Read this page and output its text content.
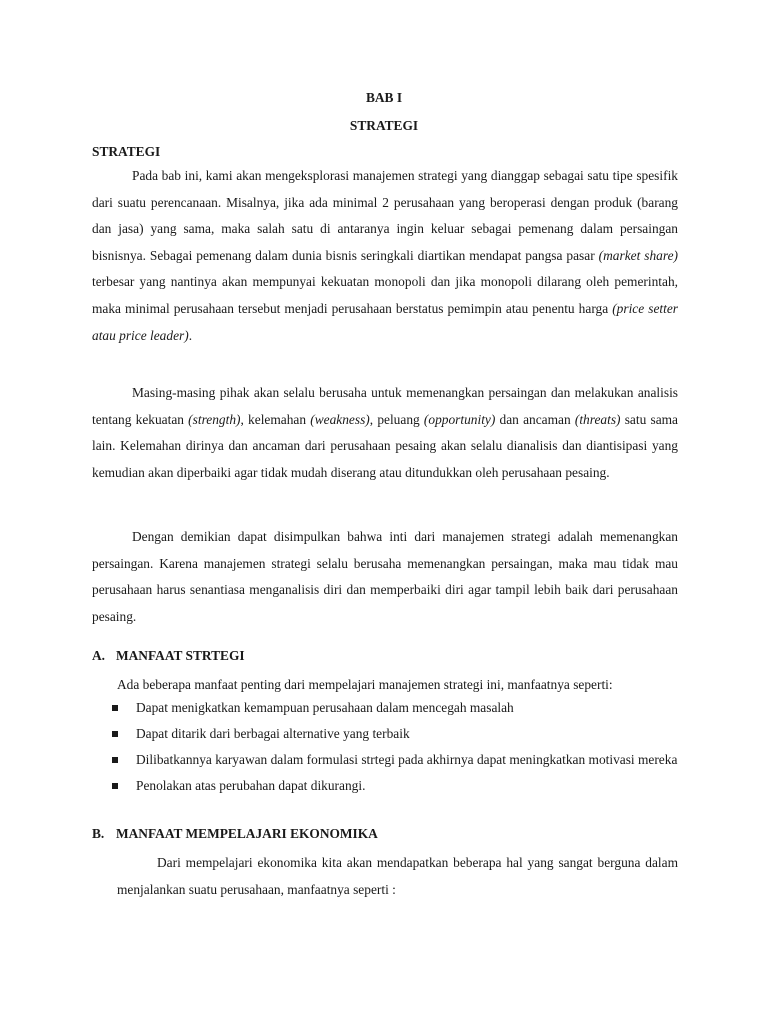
BAB I
STRATEGI
STRATEGI

Pada bab ini, kami akan mengeksplorasi manajemen strategi yang dianggap sebagai satu tipe spesifik dari suatu perencanaan. Misalnya, jika ada minimal 2 perusahaan yang beroperasi dengan produk (barang dan jasa) yang sama, maka salah satu di antaranya ingin keluar sebagai pemenang dalam persaingan bisnisnya. Sebagai pemenang dalam dunia bisnis seringkali diartikan mendapat pangsa pasar (market share) terbesar yang nantinya akan mempunyai kekuatan monopoli dan jika monopoli dilarang oleh pemerintah, maka minimal perusahaan tersebut menjadi perusahaan berstatus pemimpin atau penentu harga (price setter atau price leader).

Masing-masing pihak akan selalu berusaha untuk memenangkan persaingan dan melakukan analisis tentang kekuatan (strength), kelemahan (weakness), peluang (opportunity) dan ancaman (threats) satu sama lain. Kelemahan dirinya dan ancaman dari perusahaan pesaing akan selalu dianalisis dan diantisipasi yang kemudian akan diperbaiki agar tidak mudah diserang atau ditundukkan oleh perusahaan pesaing.

Dengan demikian dapat disimpulkan bahwa inti dari manajemen strategi adalah memenangkan persaingan. Karena manajemen strategi selalu berusaha memenangkan persaingan, maka mau tidak mau perusahaan harus senantiasa menganalisis diri dan memperbaiki diri agar tampil lebih baik dari perusahaan pesaing.

A. MANFAAT STRTEGI

Ada beberapa manfaat penting dari mempelajari manajemen strategi ini, manfaatnya seperti:

Dapat menigkatkan kemampuan perusahaan dalam mencegah masalah
Dapat ditarik dari berbagai alternative yang terbaik
Dilibatkannya karyawan dalam formulasi strtegi pada akhirnya dapat meningkatkan motivasi mereka
Penolakan atas perubahan dapat dikurangi.
B. MANFAAT MEMPELAJARI EKONOMIKA

Dari mempelajari ekonomika kita akan mendapatkan beberapa hal yang sangat berguna dalam menjalankan suatu perusahaan, manfaatnya seperti :
